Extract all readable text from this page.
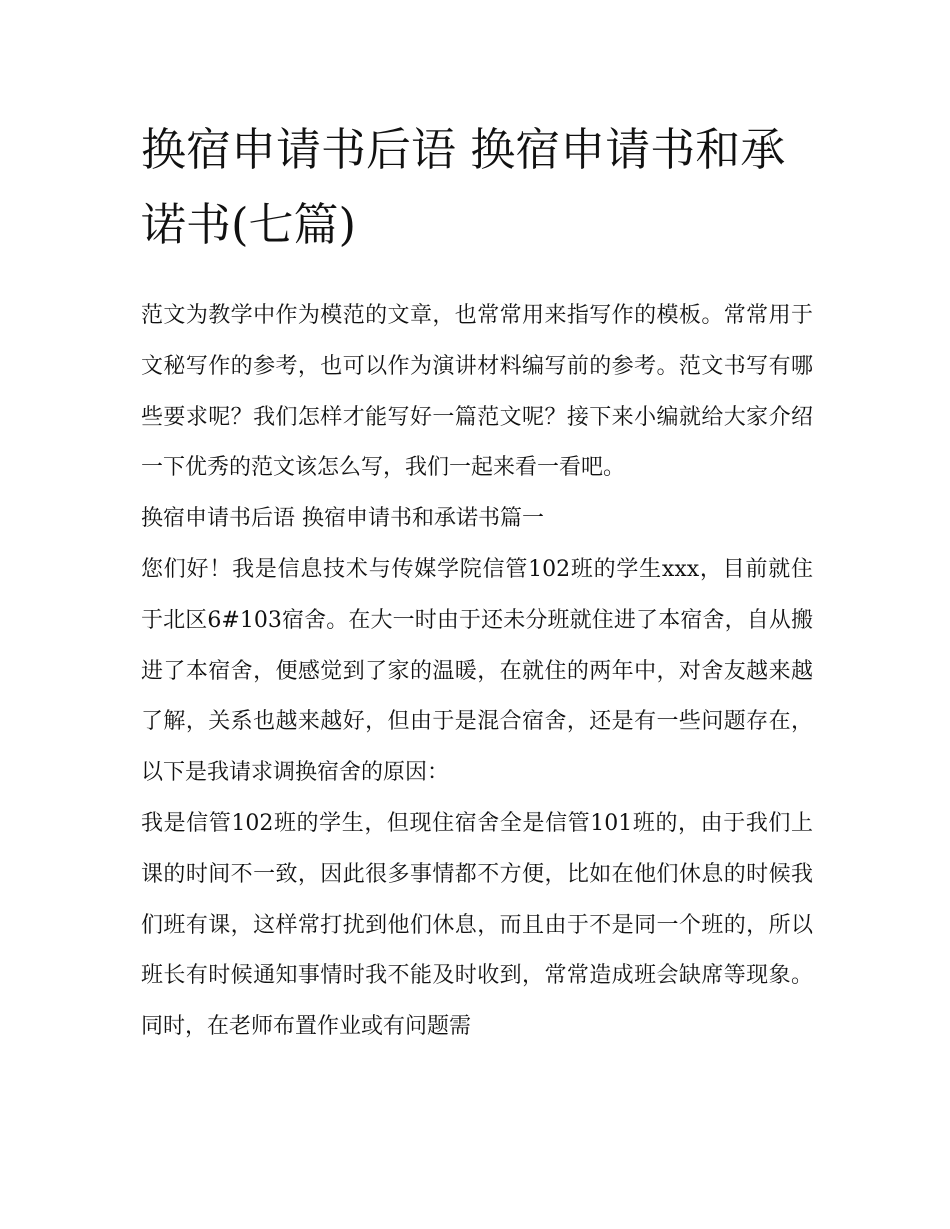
换宿申请书后语 换宿申请书和承诺书(七篇)

范文为教学中作为模范的文章，也常常用来指写作的模板。常常用于文秘写作的参考，也可以作为演讲材料编写前的参考。范文书写有哪些要求呢？我们怎样才能写好一篇范文呢？接下来小编就给大家介绍一下优秀的范文该怎么写，我们一起来看一看吧。

换宿申请书后语 换宿申请书和承诺书篇一

您们好！我是信息技术与传媒学院信管102班的学生xxx，目前就住于北区6#103宿舍。在大一时由于还未分班就住进了本宿舍，自从搬进了本宿舍，便感觉到了家的温暖，在就住的两年中，对舍友越来越了解，关系也越来越好，但由于是混合宿舍，还是有一些问题存在，以下是我请求调换宿舍的原因：

我是信管102班的学生，但现住宿舍全是信管101班的，由于我们上课的时间不一致，因此很多事情都不方便，比如在他们休息的时候我们班有课，这样常打扰到他们休息，而且由于不是同一个班的，所以班长有时候通知事情时我不能及时收到，常常造成班会缺席等现象。同时，在老师布置作业或有问题需
